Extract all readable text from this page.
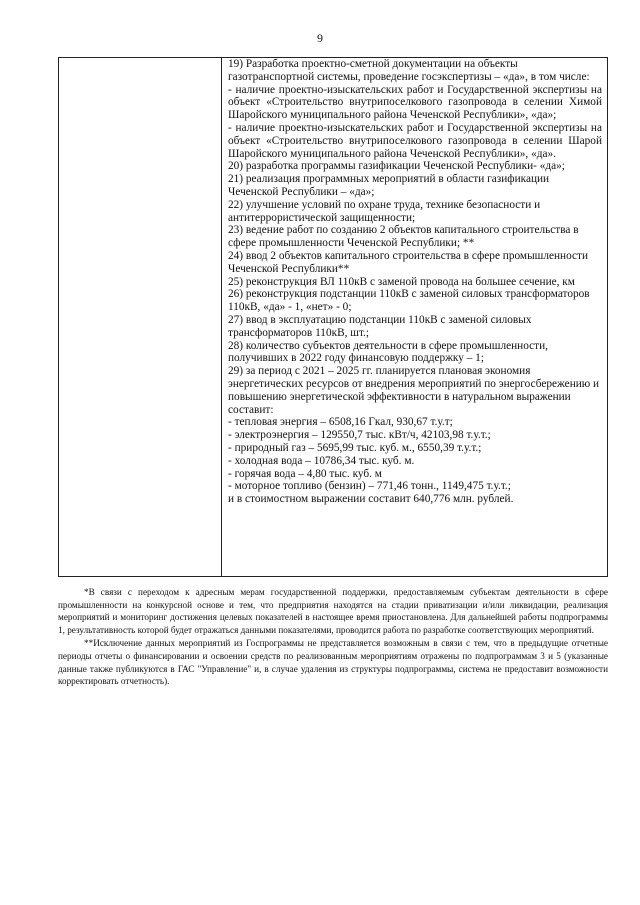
9

19) Разработка проектно-сметной документации на объекты газотранспортной системы, проведение госэкспертизы – «да», в том числе:

- наличие проектно-изыскательских работ и Государственной экспертизы на объект «Строительство внутрипоселкового газопровода в селении Химой Шаройского муниципального района Чеченской Республики», «да»;

- наличие проектно-изыскательских работ и Государственной экспертизы на объект «Строительство внутрипоселкового газопровода в селении Шарой Шаройского муниципального района Чеченской Республики», «да».

20) разработка программы газификации Чеченской Республики- «да»;

21) реализация программных мероприятий в области газификации Чеченской Республики – «да»;

22) улучшение условий по охране труда, технике безопасности и антитеррористической защищенности;

23) ведение работ по созданию 2 объектов капитального строительства в сфере промышленности Чеченской Республики; **

24) ввод 2 объектов капитального строительства в сфере промышленности Чеченской Республики**

25) реконструкция ВЛ 110кВ с заменой провода на большее сечение, км

26) реконструкция подстанции 110кВ с заменой силовых трансформаторов 110кВ, «да» - 1, «нет» - 0;

27) ввод в эксплуатацию подстанции 110кВ с заменой силовых трансформаторов 110кВ, шт.;

28) количество субъектов деятельности в сфере промышленности, получивших в 2022 году финансовую поддержку – 1;

29) за период с 2021 – 2025 гг. планируется плановая экономия энергетических ресурсов от внедрения мероприятий по энергосбережению и повышению энергетической эффективности в натуральном выражении составит:

- тепловая энергия – 6508,16 Гкал, 930,67 т.у.т;

- электроэнергия – 129550,7 тыс. кВт/ч, 42103,98 т.у.т.;

- природный газ – 5695,99 тыс. куб. м., 6550,39 т.у.т.;

- холодная вода – 10786,34 тыс. куб. м.

- горячая вода – 4,80 тыс. куб. м

- моторное топливо (бензин) – 771,46 тонн., 1149,475 т.у.т.;

и в стоимостном выражении составит 640,776 млн. рублей.

*В связи с переходом к адресным мерам государственной поддержки, предоставляемым субъектам деятельности в сфере промышленности на конкурсной основе и тем, что предприятия находятся на стадии приватизации и/или ликвидации, реализация мероприятий и мониторинг достижения целевых показателей в настоящее время приостановлена. Для дальнейшей работы подпрограммы 1, результативность которой будет отражаться данными показателями, проводится работа по разработке соответствующих мероприятий.

**Исключение данных мероприятий из Госпрограммы не представляется возможным в связи с тем, что в предыдущие отчетные периоды отчеты о финансировании и освоении средств по реализованным мероприятиям отражены по подпрограммам 3 и 5 (указанные данные также публикуются в ГАС "Управление" и, в случае удаления из структуры подпрограммы, система не предоставит возможности корректировать отчетность).
